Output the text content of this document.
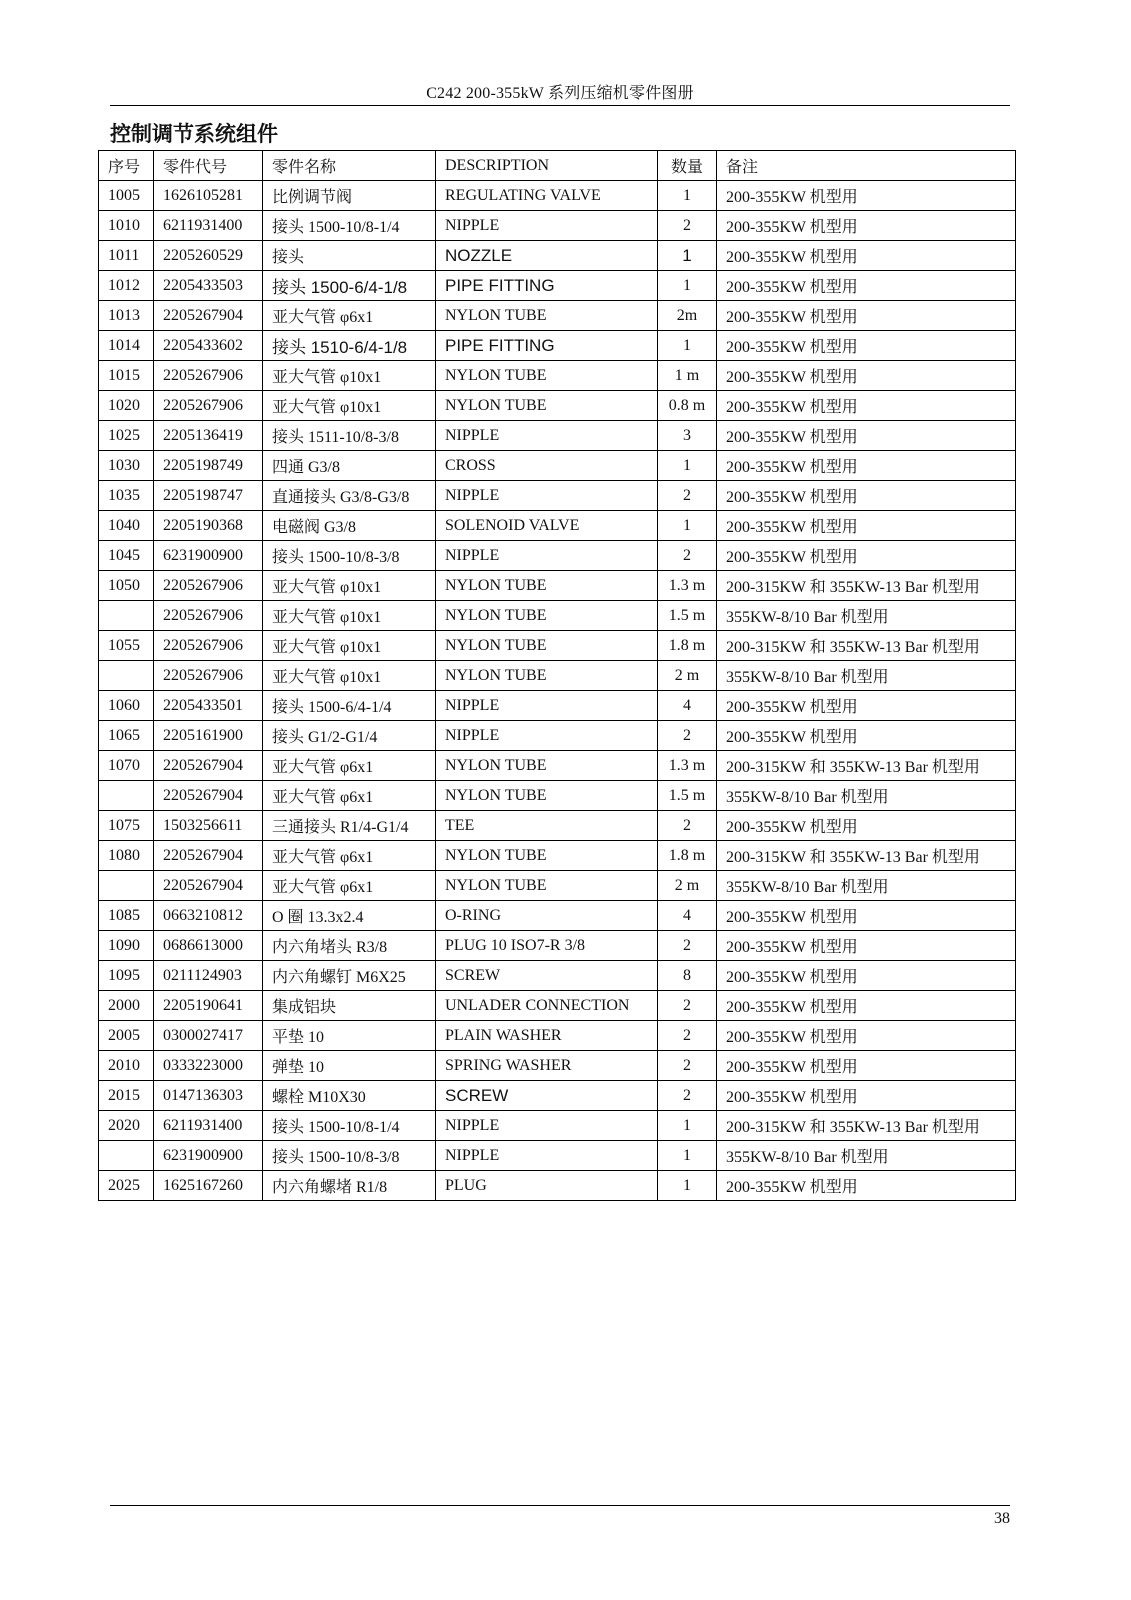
C242 200-355kW 系列压缩机零件图册
控制调节系统组件
序号	零件代号	零件名称	DESCRIPTION	数量	备注
1005	1626105281	比例调节阀	REGULATING VALVE	1	200-355KW 机型用
1010	6211931400	接头 1500-10/8-1/4	NIPPLE	2	200-355KW 机型用
1011	2205260529	接头	NOZZLE	1	200-355KW 机型用
1012	2205433503	接头 1500-6/4-1/8	PIPE FITTING	1	200-355KW 机型用
1013	2205267904	亚大气管 φ6x1	NYLON TUBE	2m	200-355KW 机型用
1014	2205433602	接头 1510-6/4-1/8	PIPE FITTING	1	200-355KW 机型用
1015	2205267906	亚大气管 φ10x1	NYLON TUBE	1 m	200-355KW 机型用
1020	2205267906	亚大气管 φ10x1	NYLON TUBE	0.8 m	200-355KW 机型用
1025	2205136419	接头 1511-10/8-3/8	NIPPLE	3	200-355KW 机型用
1030	2205198749	四通 G3/8	CROSS	1	200-355KW 机型用
1035	2205198747	直通接头 G3/8-G3/8	NIPPLE	2	200-355KW 机型用
1040	2205190368	电磁阀 G3/8	SOLENOID VALVE	1	200-355KW 机型用
1045	6231900900	接头 1500-10/8-3/8	NIPPLE	2	200-355KW 机型用
1050	2205267906	亚大气管 φ10x1	NYLON TUBE	1.3 m	200-315KW 和 355KW-13 Bar 机型用
	2205267906	亚大气管 φ10x1	NYLON TUBE	1.5 m	355KW-8/10 Bar 机型用
1055	2205267906	亚大气管 φ10x1	NYLON TUBE	1.8 m	200-315KW 和 355KW-13 Bar 机型用
	2205267906	亚大气管 φ10x1	NYLON TUBE	2 m	355KW-8/10 Bar 机型用
1060	2205433501	接头 1500-6/4-1/4	NIPPLE	4	200-355KW 机型用
1065	2205161900	接头 G1/2-G1/4	NIPPLE	2	200-355KW 机型用
1070	2205267904	亚大气管 φ6x1	NYLON TUBE	1.3 m	200-315KW 和 355KW-13 Bar 机型用
	2205267904	亚大气管 φ6x1	NYLON TUBE	1.5 m	355KW-8/10 Bar 机型用
1075	1503256611	三通接头 R1/4-G1/4	TEE	2	200-355KW 机型用
1080	2205267904	亚大气管 φ6x1	NYLON TUBE	1.8 m	200-315KW 和 355KW-13 Bar 机型用
	2205267904	亚大气管 φ6x1	NYLON TUBE	2 m	355KW-8/10 Bar 机型用
1085	0663210812	O 圈 13.3x2.4	O-RING	4	200-355KW 机型用
1090	0686613000	内六角堵头 R3/8	PLUG 10 ISO7-R 3/8	2	200-355KW 机型用
1095	0211124903	内六角螺钉 M6X25	SCREW	8	200-355KW 机型用
2000	2205190641	集成铝块	UNLADER CONNECTION	2	200-355KW 机型用
2005	0300027417	平垫 10	PLAIN WASHER	2	200-355KW 机型用
2010	0333223000	弹垫 10	SPRING WASHER	2	200-355KW 机型用
2015	0147136303	螺栓 M10X30	SCREW	2	200-355KW 机型用
2020	6211931400	接头 1500-10/8-1/4	NIPPLE	1	200-315KW 和 355KW-13 Bar 机型用
	6231900900	接头 1500-10/8-3/8	NIPPLE	1	355KW-8/10 Bar 机型用
2025	1625167260	内六角螺堵 R1/8	PLUG	1	200-355KW 机型用
38
